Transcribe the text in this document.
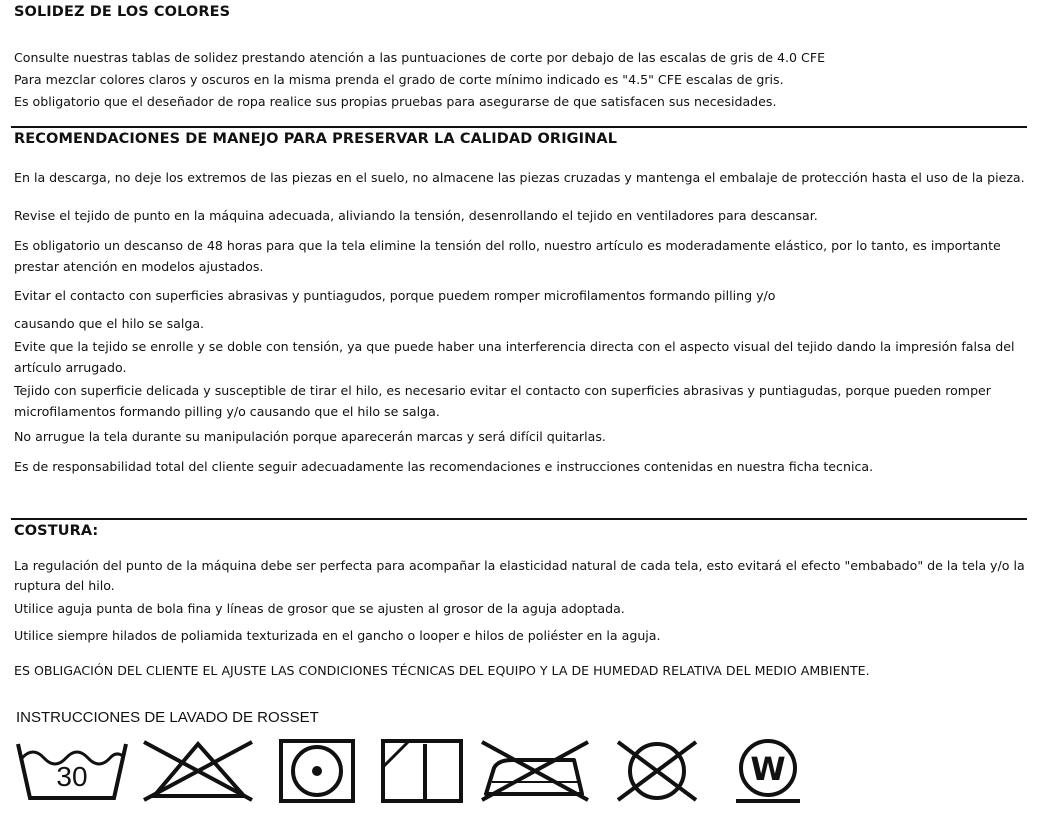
SOLIDEZ DE LOS COLORES
Consulte nuestras tablas de solidez prestando atención a las puntuaciones de corte por debajo de las escalas de gris de 4.0 CFE
Para mezclar colores claros y oscuros en la misma prenda el grado de corte mínimo indicado es "4.5" CFE escalas de gris.
Es obligatorio que el deseñador de ropa realice sus propias pruebas para asegurarse de que satisfacen sus necesidades.
RECOMENDACIONES DE MANEJO PARA PRESERVAR LA CALIDAD ORIGINAL
En la descarga, no deje los extremos de las piezas en el suelo, no almacene las piezas cruzadas y mantenga el embalaje de protección hasta el uso de la pieza.
Revise el tejido de punto en la máquina adecuada, aliviando la tensión, desenrollando el tejido en ventiladores para descansar.
Es obligatorio un descanso de 48 horas para que la tela elimine la tensión del rollo, nuestro artículo es moderadamente elástico, por lo tanto, es importante
prestar atención en modelos ajustados.
Evitar el contacto con superficies abrasivas y puntiagudos, porque puedem romper microfilamentos formando pilling y/o
causando que el hilo se salga.
Evite que la tejido se enrolle y se doble con tensión, ya que puede haber una interferencia directa con el aspecto visual del tejido dando la impresión falsa del
artículo arrugado.
Tejido con superficie delicada y susceptible de tirar el hilo, es necesario evitar el contacto con superficies abrasivas y puntiagudas, porque pueden romper
microfilamentos formando pilling y/o causando que el hilo se salga.
No arrugue la tela durante su manipulación porque aparecerán marcas y será difícil quitarlas.
Es de responsabilidad total del cliente seguir adecuadamente las recomendaciones e instrucciones contenidas en nuestra ficha tecnica.
COSTURA:
La regulación del punto de la máquina debe ser perfecta para acompañar la elasticidad natural de cada tela, esto evitará el efecto "embabado" de la tela y/o la
ruptura del hilo.
Utilice aguja punta de bola fina y líneas de grosor que se ajusten al grosor de la aguja adoptada.
Utilice siempre hilados de poliamida texturizada en el gancho o looper e hilos de poliéster en la aguja.
ES OBLIGACIÓN DEL CLIENTE EL AJUSTE LAS CONDICIONES TÉCNICAS DEL EQUIPO Y LA DE HUMEDAD RELATIVA DEL MEDIO AMBIENTE.
INSTRUCCIONES DE LAVADO DE ROSSET
30	W
